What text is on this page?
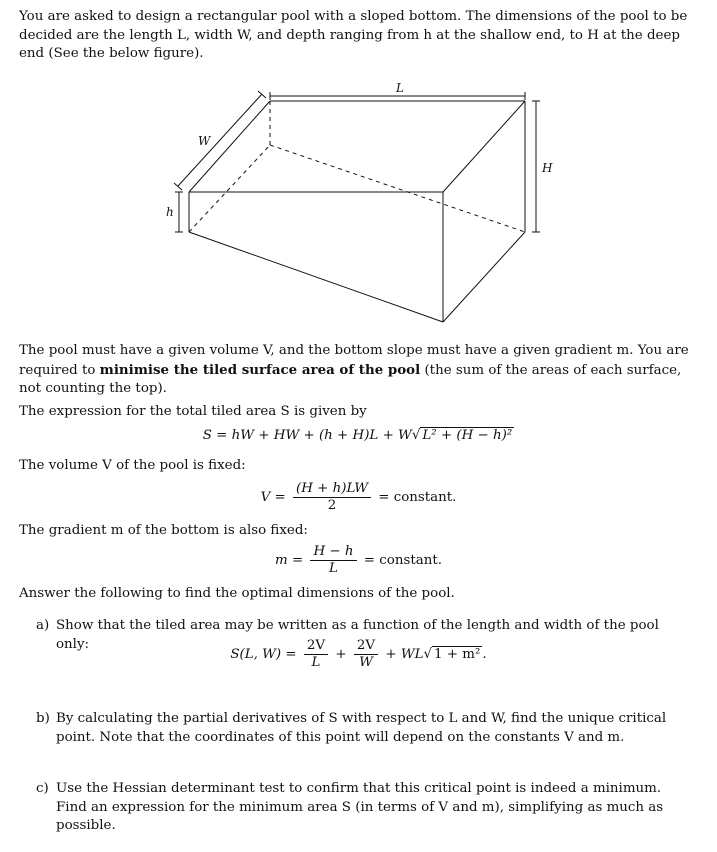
You are asked to design a rectangular pool with a sloped bottom. The dimensions of the pool to be decided are the length L, width W, and depth ranging from h at the shallow end, to H at the deep end (See the below figure).

L
W
H
h

The pool must have a given volume V, and the bottom slope must have a given gradient m. You are required to minimise the tiled surface area of the pool (the sum of the areas of each surface, not counting the top).

The expression for the total tiled area S is given by

S = hW + HW + (h + H)L + W√ L² + (H − h)²

The volume V of the pool is fixed:

$V = \frac{(H + h)LW}{2}$ = constant.

The gradient m of the bottom is also fixed:

$m = \frac{H - h}{L}$ = constant.

Answer the following to find the optimal dimensions of the pool.

a) Show that the tiled area may be written as a function of the length and width of the pool only:
S(L, $W) = \frac{2V}{L} + \frac{2V}{W} + WL√$ 1 + m² .
b) By calculating the partial derivatives of S with respect to L and W, find the unique critical point. Note that the coordinates of this point will depend on the constants V and m.
c) Use the Hessian determinant test to confirm that this critical point is indeed a minimum. Find an expression for the minimum area S (in terms of V and m), simplifying as much as possible.
